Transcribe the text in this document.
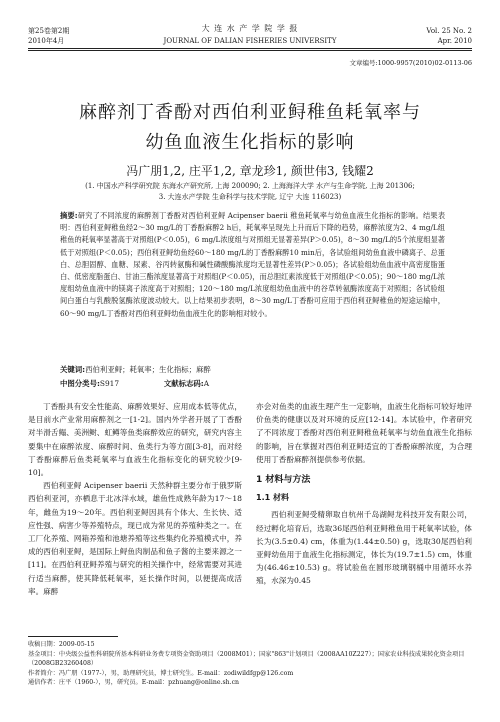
第25卷第2期
2010年4月
大 连 水 产 学 院 学 报
JOURNAL OF DALIAN FISHERIES UNIVERSITY
Vol. 25 No. 2
Apr. 2010
文章编号:1000-9957(2010)02-0113-06
麻醉剂丁香酚对西伯利亚鲟稚鱼耗氧率与
幼鱼血液生化指标的影响
冯广朋1,2, 庄平1,2, 章龙珍1, 颜世伟3, 钱耀2
(1. 中国水产科学研究院 东海水产研究所, 上海 200090; 2. 上海海洋大学 水产与生命学院, 上海 201306;
3. 大连水产学院 生命科学与技术学院, 辽宁 大连 116023)
摘要:研究了不同浓度的麻醉剂丁香酚对西伯利亚鲟 Acipenser baerii 稚鱼耗氧率与幼鱼血液生化指标的影响。结果表明：西伯利亚鲟稚鱼经2～30 mg/L的丁香酚麻醉2 h后，耗氧率呈现先上升而后下降的趋势，麻醉浓度为2、4 mg/L组稚鱼的耗氧率显著高于对照组(P＜0.05)，6 mg/L浓度组与对照组无显著差异(P＞0.05)，8～30 mg/L的5个浓度组显著低于对照组(P＜0.05)；西伯利亚鲟幼鱼经60～180 mg/L的丁香酚麻醉10 min后，各试验组间幼鱼血液中磷离子、总蛋白、总胆固醇、血糖、尿素、谷丙转氨酶和碱性磷酸酶浓度均无显著性差异(P＞0.05)；各试验组幼鱼血液中高密度脂蛋白、低密度脂蛋白、甘油三酯浓度显著高于对照组(P＜0.05)，而总胆红素浓度低于对照组(P＜0.05)；90～180 mg/L浓度组幼鱼血液中的镁离子浓度高于对照组；120～180 mg/L浓度组幼鱼血液中的谷草转氨酶浓度高于对照组；各试验组间白蛋白与乳酸脱氢酶浓度波动较大。以上结果初步表明，8～30 mg/L丁香酚可应用于西伯利亚鲟稚鱼的短途运输中，60～90 mg/L丁香酚对西伯利亚鲟幼鱼血液生化的影响相对较小。
关键词:西伯利亚鲟；耗氧率；生化指标；麻醉
中图分类号:S917	文献标志码:A

丁香酚具有安全性能高、麻醉效果好、应用成本低等优点，是目前水产业常用麻醉剂之一[1-2]。国内外学者开展了丁香酚对半滑舌鳎、美洲鲥、虹鳟等鱼类麻醉效应的研究，研究内容主要集中在麻醉浓度、麻醉时间、鱼类行为等方面[3-8]，而对经丁香酚麻醉后鱼类耗氧率与血液生化指标变化的研究较少[9-10]。

西伯利亚鲟 Acipenser baerii 天然种群主要分布于俄罗斯西伯利亚河，亦栖息于北冰洋水域，雄鱼性成熟年龄为17～18年，雌鱼为19～20年。西伯利亚鲟因具有个体大、生长快、适应性强、病害少等养殖特点，现已成为常见的养殖种类之一。在工厂化养殖、网箱养殖和池塘养殖等这些集约化养殖模式中，养成的西伯利亚鲟，是国际上鲟鱼肉制品和鱼子酱的主要来源之一[11]。在西伯利亚鲟养殖与研究的相关操作中，经常需要对其进行适当麻醉，使其降低耗氧率，延长操作时间，以便提高成活率。麻醉

亦会对鱼类的血液生理产生一定影响，血液生化指标可较好地评价鱼类的健康以及对环境的反应[12-14]。本试验中，作者研究了不同浓度丁香酚对西伯利亚鲟稚鱼耗氧率与幼鱼血液生化指标的影响，旨在掌握对西伯利亚鲟适宜的丁香酚麻醉浓度，为合理使用丁香酚麻醉剂提供参考依据。

1 材料与方法

1.1 材料

西伯利亚鲟受精卵取自杭州千岛湖鲟龙科技开发有限公司，经过孵化培育后，选取36尾西伯利亚鲟稚鱼用于耗氧率试验，体长为(3.5±0.4) cm，体重为(1.44±0.50) g，选取30尾西伯利亚鲟幼鱼用于血液生化指标测定，体长为(19.7±1.5) cm，体重为(46.46±10.53) g。将试验鱼在圆形玻璃钢桶中用循环水养殖，水深为0.45

收稿日期：2009-05-15

基金项目：中央级公益性科研院所基本科研业务费专项资金资助项目（2008M01）；国家"863"计划项目（2008AA10Z227）；国家农业科技成果转化资金项目（2008GB23260408）

作者简介：冯广朋（1977-），男，助理研究员，博士研究生。E-mail：zodiwildfgp@126.com

通信作者：庄平（1960-），男，研究员。E-mail：pzhuang@online.sh.cn
